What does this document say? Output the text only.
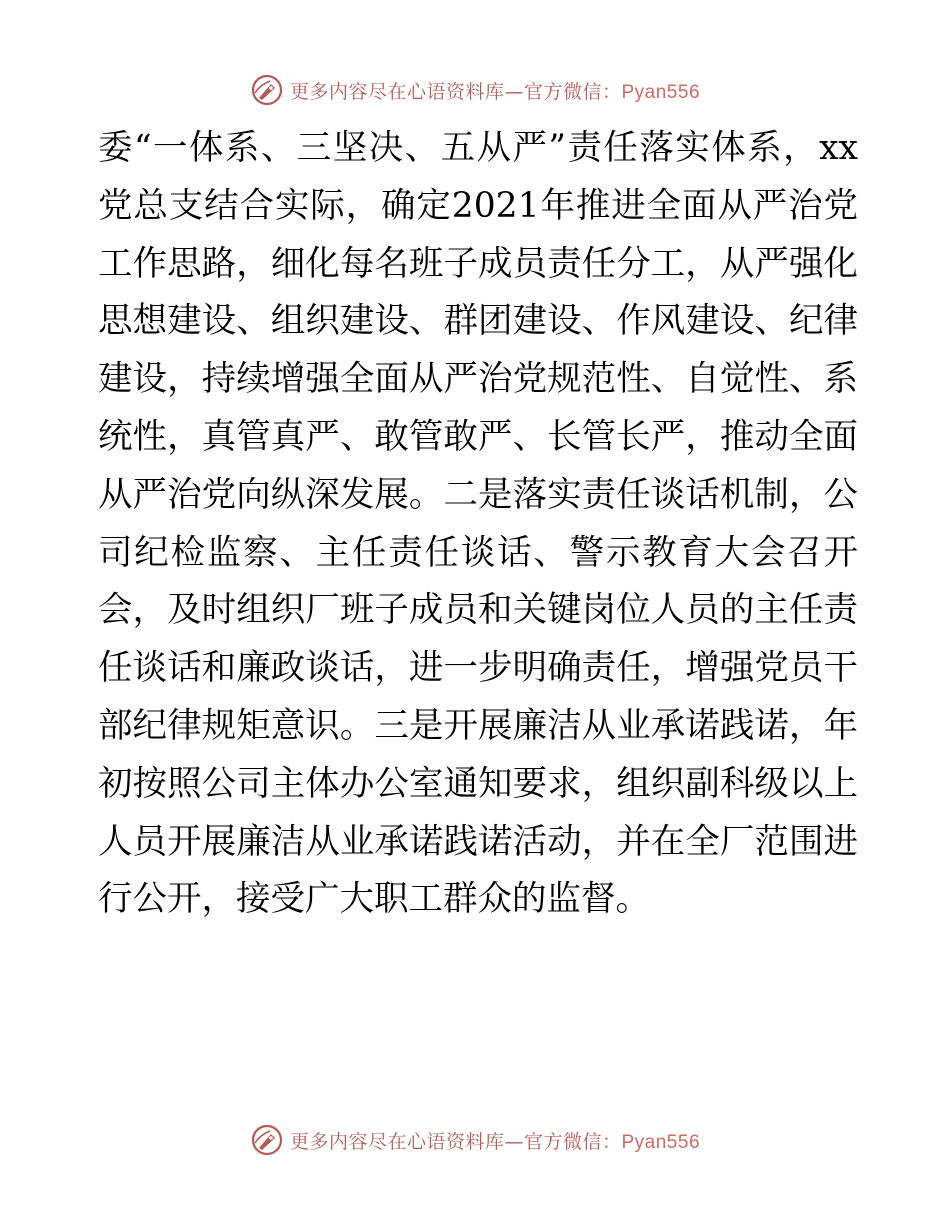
更多内容尽在心语资料库—官方微信：Pyan556
委“一体系、三坚决、五从严”责任落实体系，xx
党总支结合实际，确定2021年推进全面从严治党
工作思路，细化每名班子成员责任分工，从严强化
思想建设、组织建设、群团建设、作风建设、纪律
建设，持续增强全面从严治党规范性、自觉性、系
统性，真管真严、敢管敢严、长管长严，推动全面
从严治党向纵深发展。二是落实责任谈话机制，公
司纪检监察、主任责任谈话、警示教育大会召开
会，及时组织厂班子成员和关键岗位人员的主任责
任谈话和廉政谈话，进一步明确责任，增强党员干
部纪律规矩意识。三是开展廉洁从业承诺践诺，年
初按照公司主体办公室通知要求，组织副科级以上
人员开展廉洁从业承诺践诺活动，并在全厂范围进
行公开，接受广大职工群众的监督。
更多内容尽在心语资料库—官方微信：Pyan556
